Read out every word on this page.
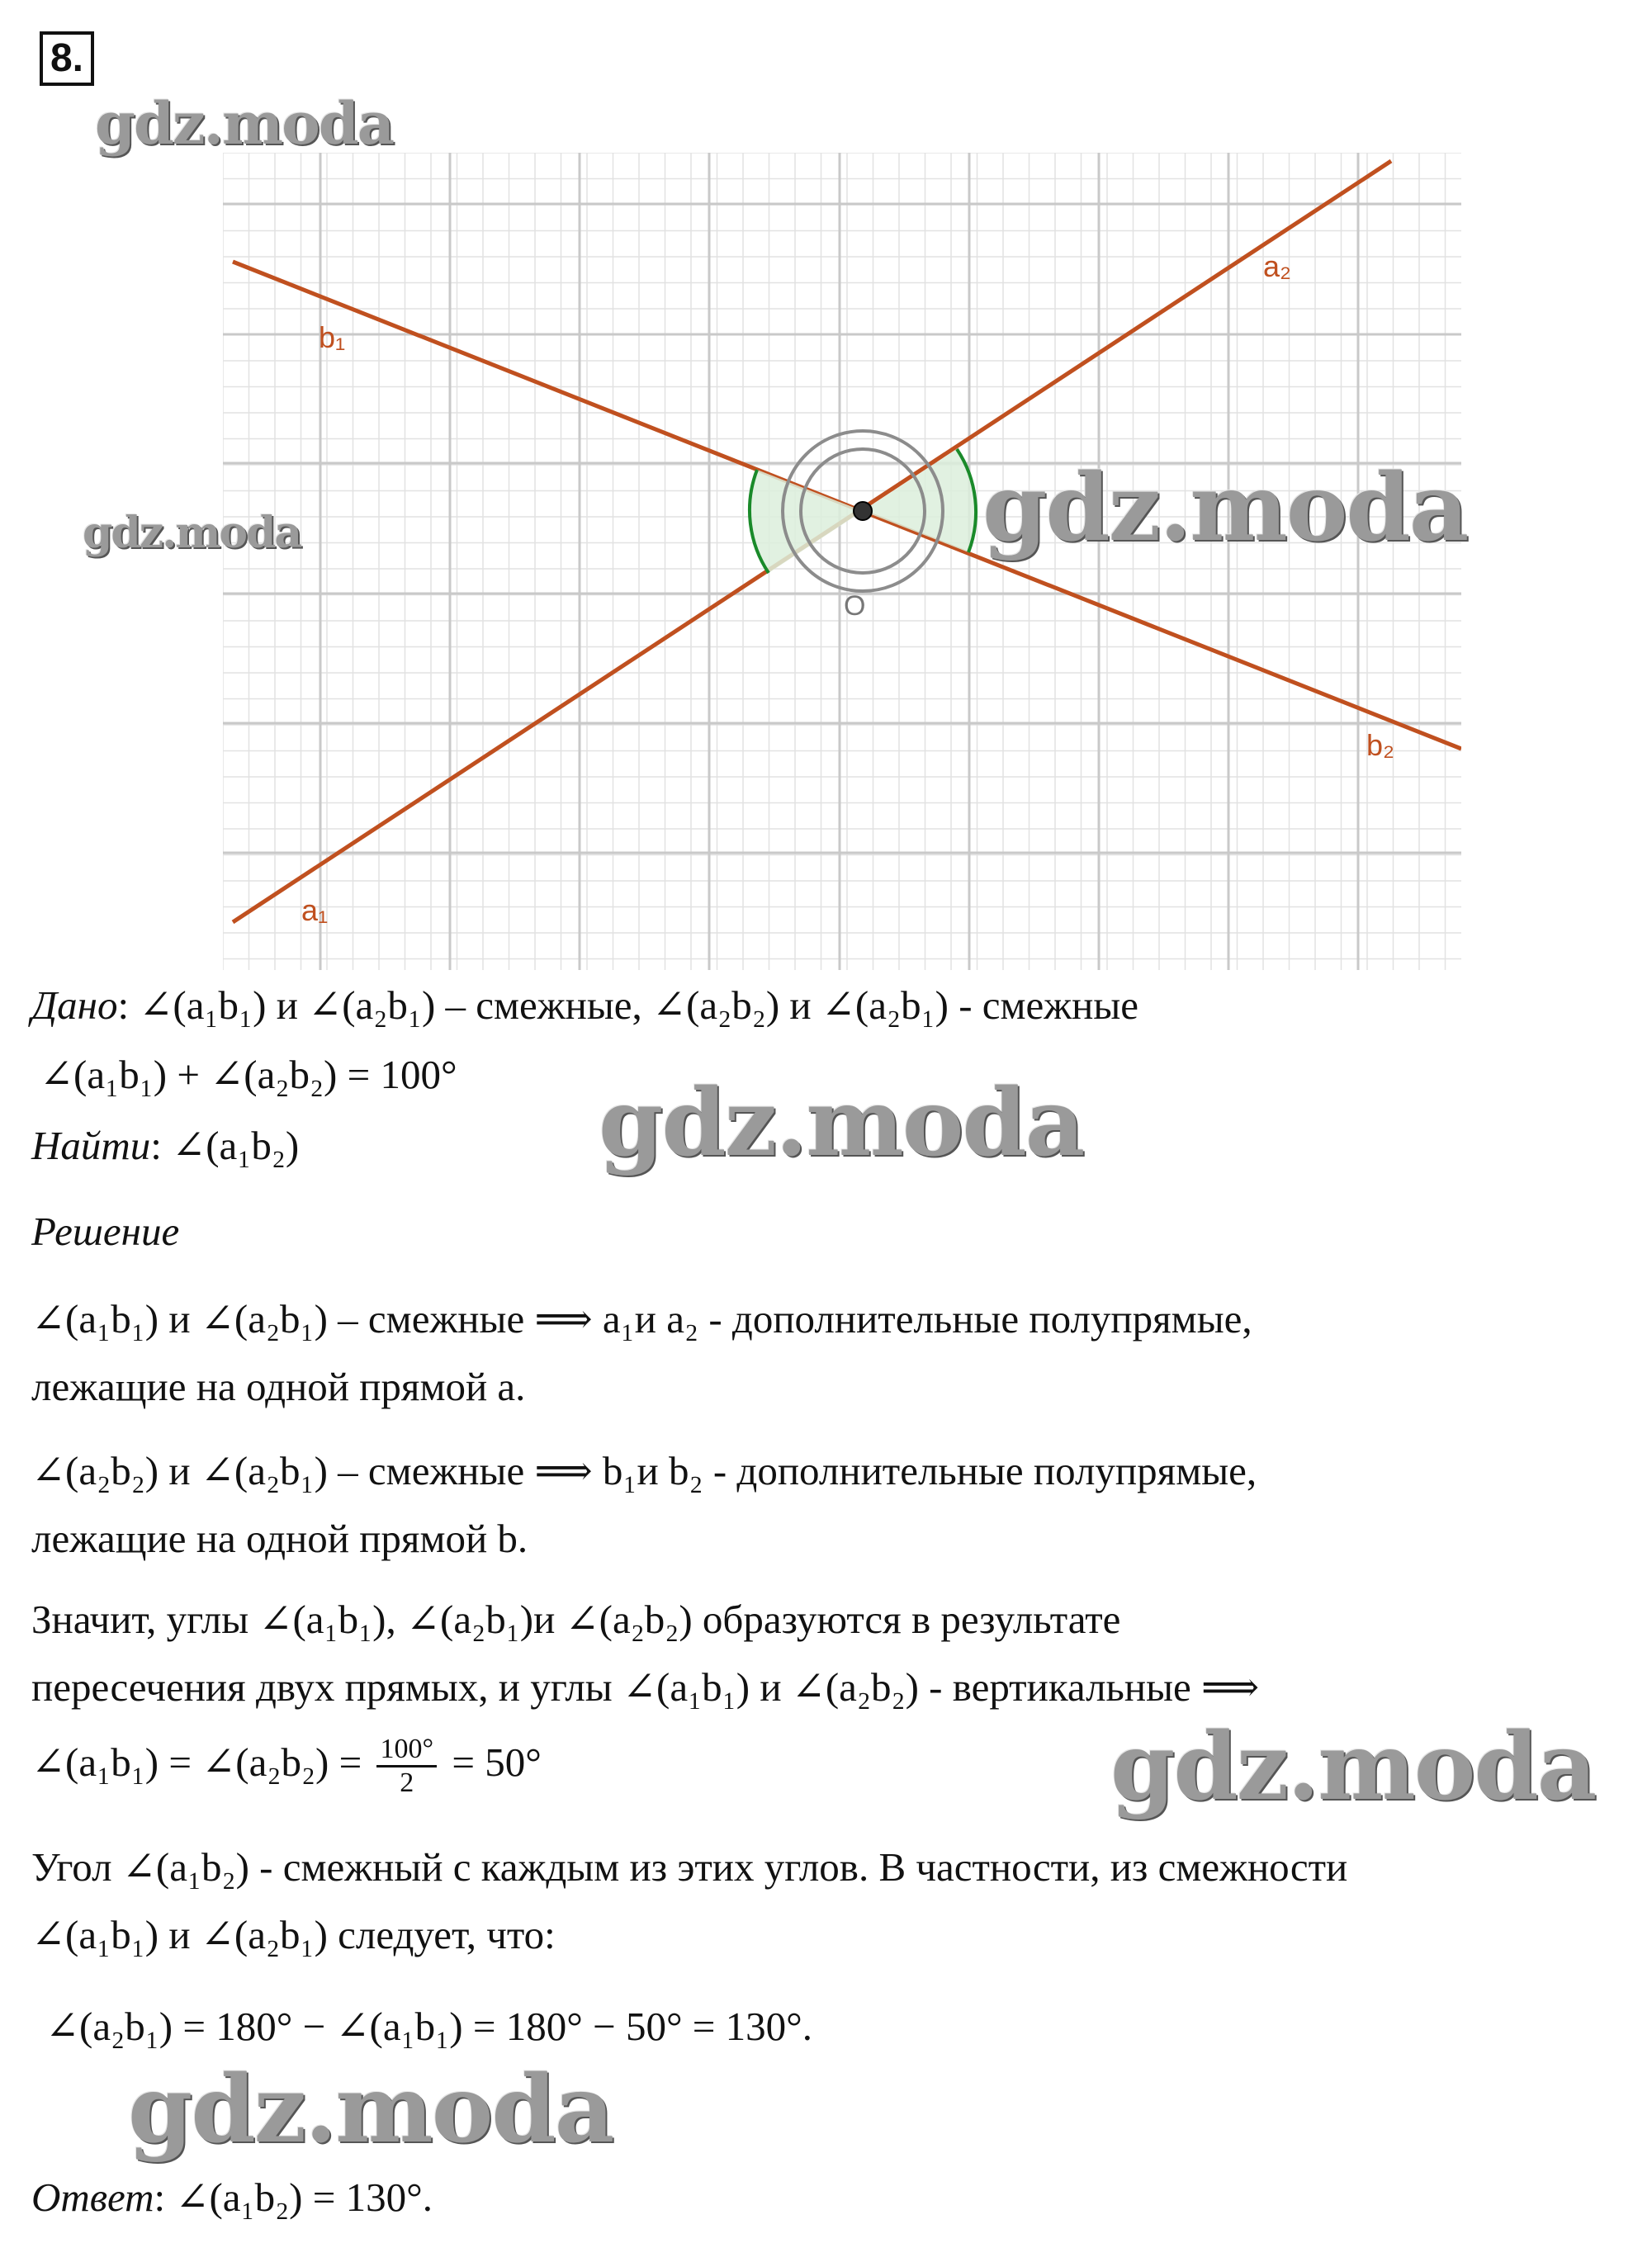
8.
gdz.moda
b₁
a₂
b₂
a₁
O
gdz.moda	gdz.moda
Дано: ∠(a₁b₁) и ∠(a₂b₁) – смежные, ∠(a₂b₂) и ∠(a₂b₁) - смежные
∠(a₁b₁) + ∠(a₂b₂) = 100°
Найти: ∠(a₁b₂)	gdz.moda
Решение
∠(a₁b₁) и ∠(a₂b₁) – смежные ⟹ a₁и a₂ - дополнительные полупрямые,
лежащие на одной прямой a.
∠(a₂b₂) и ∠(a₂b₁) – смежные ⟹ b₁и b₂ - дополнительные полупрямые,
лежащие на одной прямой b.
Значит, углы ∠(a₁b₁), ∠(a₂b₁)и ∠(a₂b₂) образуются в результате
пересечения двух прямых, и углы ∠(a₁b₁) и ∠(a₂b₂) - вертикальные ⟹
∠(a₁b₁) = ∠(a₂b₂) = $\frac{100^\circ}{2} = 50^\circ$	gdz.moda
Угол ∠(a₁b₂) - смежный с каждым из этих углов. В частности, из смежности
∠(a₁b₁) и ∠(a₂b₁) следует, что:
∠(a₂b₁) = 180° − ∠(a₁b₁) = 180° − 50° = 130°.
gdz.moda
Ответ: ∠(a₁b₂) = 130°.
